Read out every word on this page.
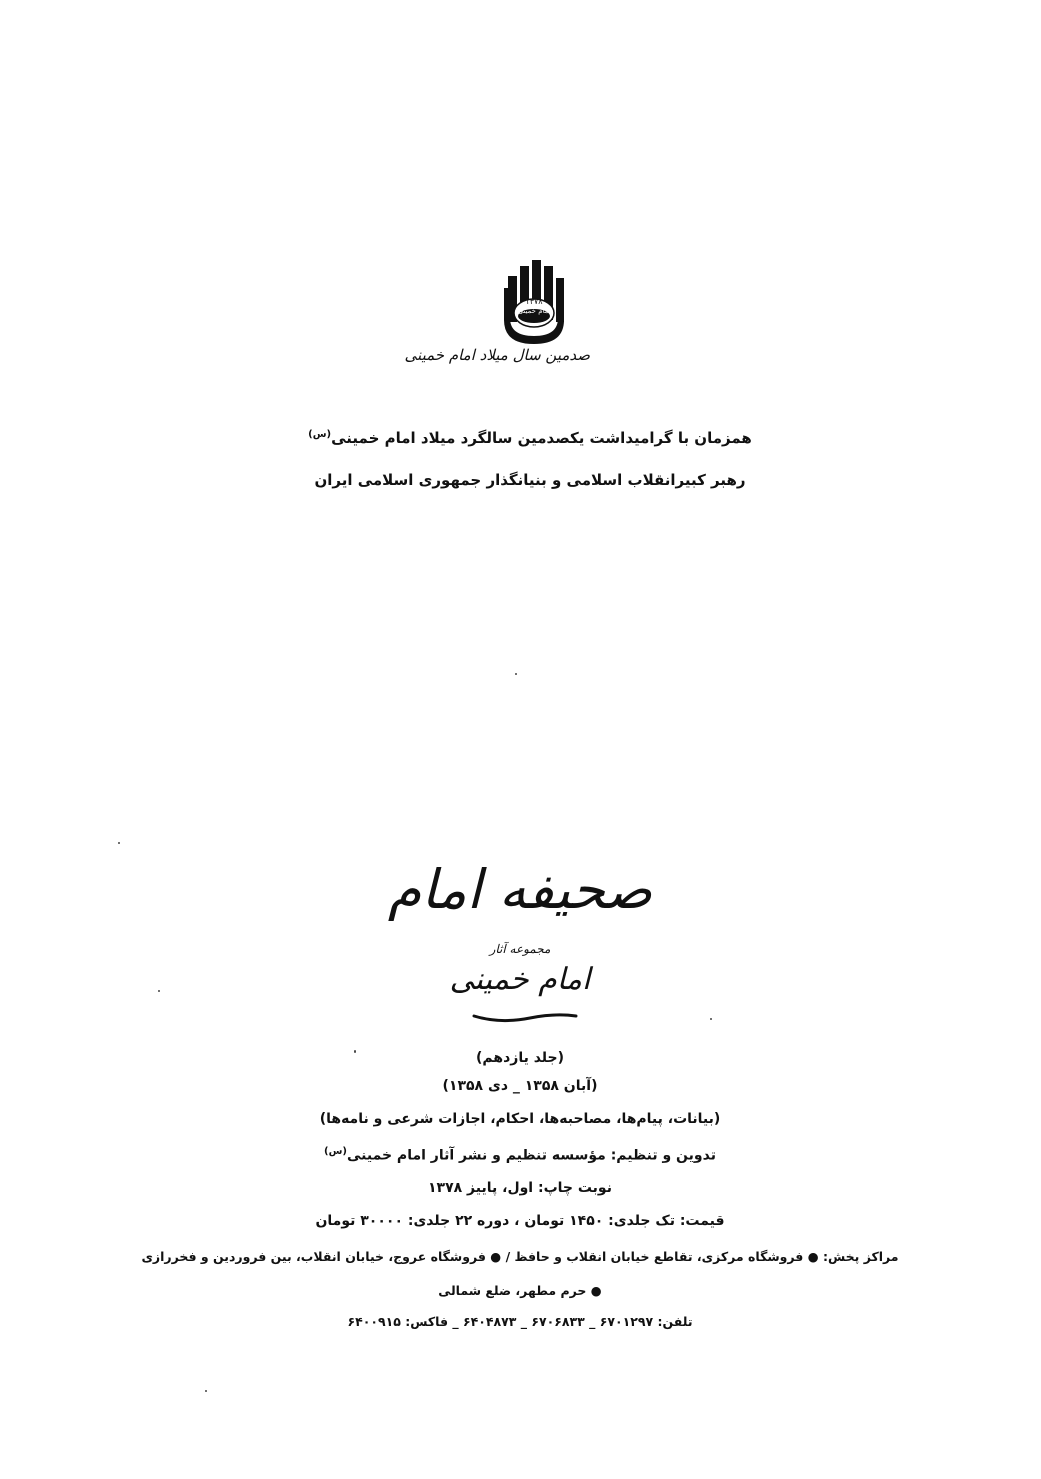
۱۳۷۸
امام خمینی
صدمین سال میلاد امام خمینی
همزمان با گرامیداشت یکصدمین سالگرد میلاد امام خمینی$^{(س)}$
رهبر کبیرانقلاب اسلامی و بنیانگذار جمهوری اسلامی ایران
صحیفه امام
مجموعه آثار
امام خمینی
(جلد یازدهم)
(آبان ۱۳۵۸ _ دی ۱۳۵۸)
(بیانات، پیام‌ها، مصاحبه‌ها، احکام، اجازات شرعی و نامه‌ها)
تدوین و تنظیم: مؤسسه تنظیم و نشر آثار امام خمینی$^{(س)}$
نوبت چاپ: اول، پاییز ۱۳۷۸
قیمت: تک جلدی: ۱۴۵۰ تومان ، دوره ۲۲ جلدی: ۳۰۰۰۰ تومان
مراکز پخش: ● فروشگاه مرکزی، تقاطع خیابان انقلاب و حافظ / ● فروشگاه عروج، خیابان انقلاب، بین فروردین و فخررازی
● حرم مطهر، ضلع شمالی
تلفن: ۶۷۰۱۲۹۷ _ ۶۷۰۶۸۳۳ _ ۶۴۰۴۸۷۳ _ فاکس: ۶۴۰۰۹۱۵
